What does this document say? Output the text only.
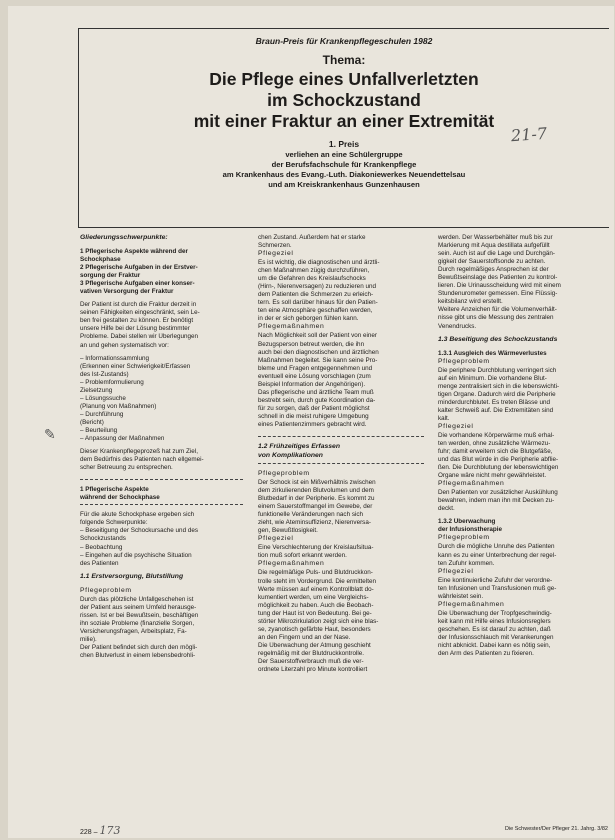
Braun-Preis für Krankenpflegeschulen 1982
Thema:
Die Pflege eines Unfallverletzten
im Schockzustand
mit einer Fraktur an einer Extremität
1. Preis
verliehen an eine Schülergruppe
der Berufsfachschule für Krankenpflege
am Krankenhaus des Evang.-Luth. Diakoniewerkes Neuendettelsau
und am Kreiskrankenhaus Gunzenhausen
21-7
✎
Gliederungsschwerpunkte:
1 Pflegerische Aspekte während der
Schockphase
2 Pflegerische Aufgaben in der Erstver-
sorgung der Fraktur
3 Pflegerische Aufgaben einer konser-
vativen Versorgung der Fraktur
Der Patient ist durch die Fraktur derzeit in
seinen Fähigkeiten eingeschränkt, sein Le-
ben frei gestalten zu können. Er benötigt
unsere Hilfe bei der Lösung bestimmter
Probleme. Dabei stellen wir Überlegungen
an und gehen systematisch vor:
– Informationssammlung
(Erkennen einer Schwierigkeit/Erfassen
des Ist-Zustands)
– Problemformulierung
Zielsetzung
– Lösungssuche
(Planung von Maßnahmen)
– Durchführung
(Bericht)
– Beurteilung
– Anpassung der Maßnahmen
Dieser Krankenpflegeprozeß hat zum Ziel,
dem Bedürfnis des Patienten nach ellgemei-
scher Betreuung zu entsprechen.
1 Pflegerische Aspekte
während der Schockphase
Für die akute Schockphase ergeben sich
folgende Schwerpunkte:
– Beseitigung der Schockursache und des
Schockzustands
– Beobachtung
– Eingehen auf die psychische Situation
des Patienten
1.1 Erstversorgung, Blutstillung
Pflegeproblem
Durch das plötzliche Unfallgeschehen ist
der Patient aus seinem Umfeld herausge-
rissen. Ist er bei Bewußtsein, beschäftigen
ihn soziale Probleme (finanzielle Sorgen,
Versicherungsfragen, Arbeitsplatz, Fa-
milie).
Der Patient befindet sich durch den mögli-
chen Blutverlust in einem lebensbedrohli-
chen Zustand. Außerdem hat er starke
Schmerzen.
Pflegeziel
Es ist wichtig, die diagnostischen und ärztli-
chen Maßnahmen zügig durchzuführen,
um die Gefahren des Kreislaufschocks
(Hirn-, Nierenversagen) zu reduzieren und
dem Patienten die Schmerzen zu erleich-
tern. Es soll darüber hinaus für den Patien-
ten eine Atmosphäre geschaffen werden,
in der er sich geborgen fühlen kann.
Pflegemaßnahmen
Nach Möglichkeit soll der Patient von einer
Bezugsperson betreut werden, die ihn
auch bei den diagnostischen und ärztlichen
Maßnahmen begleitet. Sie kann seine Pro-
bleme und Fragen entgegennehmen und
eventuell eine Lösung vorschlagen (zum
Beispiel Information der Angehörigen).
Das pflegerische und ärztliche Team muß
bestrebt sein, durch gute Koordination da-
für zu sorgen, daß der Patient möglichst
schnell in die meist ruhigere Umgebung
eines Patientenzimmers gebracht wird.
1.2 Frühzeitiges Erfassen
von Komplikationen
Pflegeproblem
Der Schock ist ein Mißverhältnis zwischen
dem zirkulierenden Blutvolumen und dem
Blutbedarf in der Peripherie. Es kommt zu
einem Sauerstoffmangel im Gewebe, der
funktionelle Veränderungen nach sich
zieht, wie Ateminsuffizienz, Nierenversa-
gen, Bewußtlosigkeit.
Pflegeziel
Eine Verschlechterung der Kreislaufsitua-
tion muß sofort erkannt werden.
Pflegemaßnahmen
Die regelmäßige Puls- und Blutdruckkon-
trolle steht im Vordergrund. Die ermittelten
Werte müssen auf einem Kontrollblatt do-
kumentiert werden, um eine Vergleichs-
möglichkeit zu haben. Auch die Beobach-
tung der Haut ist von Bedeutung. Bei ge-
störter Mikrozirkulation zeigt sich eine blas-
se, zyanotisch gefärbte Haut, besonders
an den Fingern und an der Nase.
Die Überwachung der Atmung geschieht
regelmäßig mit der Blutdruckkontrolle.
Der Sauerstoffverbrauch muß die ver-
ordnete Literzahl pro Minute kontrolliert
werden. Der Wasserbehälter muß bis zur
Markierung mit Aqua destillata aufgefüllt
sein. Auch ist auf die Lage und Durchgän-
gigkeit der Sauerstoffsonde zu achten.
Durch regelmäßiges Ansprechen ist der
Bewußtseinslage des Patienten zu kontrol-
lieren. Die Urinausscheidung wird mit einem
Stundenurometer gemessen. Eine Flüssig-
keitsbilanz wird erstellt.
Weitere Anzeichen für die Volumenverhält-
nisse gibt uns die Messung des zentralen
Venendrucks.
1.3 Beseitigung des Schockzustands
1.3.1 Ausgleich des Wärmeverlustes
Pflegeproblem
Die periphere Durchblutung verringert sich
auf ein Minimum. Die vorhandene Blut-
menge zentralisiert sich in die lebenswichti-
tigen Organe. Dadurch wird die Peripherie
minderdurchblutet. Es treten Blässe und
kalter Schweiß auf. Die Extremitäten sind
kalt.
Pflegeziel
Die vorhandene Körperwärme muß erhal-
ten werden, ohne zusätzliche Wärmezu-
fuhr; damit erweitern sich die Blutgefäße,
und das Blut würde in die Peripherie abflie-
ßen. Die Durchblutung der lebenswichtigen
Organe wäre nicht mehr gewährleistet.
Pflegemaßnahmen
Den Patienten vor zusätzlicher Auskühlung
bewahren, indem man ihn mit Decken zu-
deckt.
1.3.2 Überwachung
der Infusionstherapie
Pflegeproblem
Durch die mögliche Unruhe des Patienten
kann es zu einer Unterbrechung der regel-
ten Zufuhr kommen.
Pflegeziel
Eine kontinuierliche Zufuhr der verordne-
ten Infusionen und Transfusionen muß ge-
währleistet sein.
Pflegemaßnahmen
Die Überwachung der Tropfgeschwindig-
keit kann mit Hilfe eines Infusionsreglers
geschehen. Es ist darauf zu achten, daß
der Infusionsschlauch mit Verankerungen
nicht abknickt. Dabei kann es nötig sein,
den Arm des Patienten zu fixieren.
228 – 173	Die Schwester/Der Pfleger 21. Jahrg. 3/82
